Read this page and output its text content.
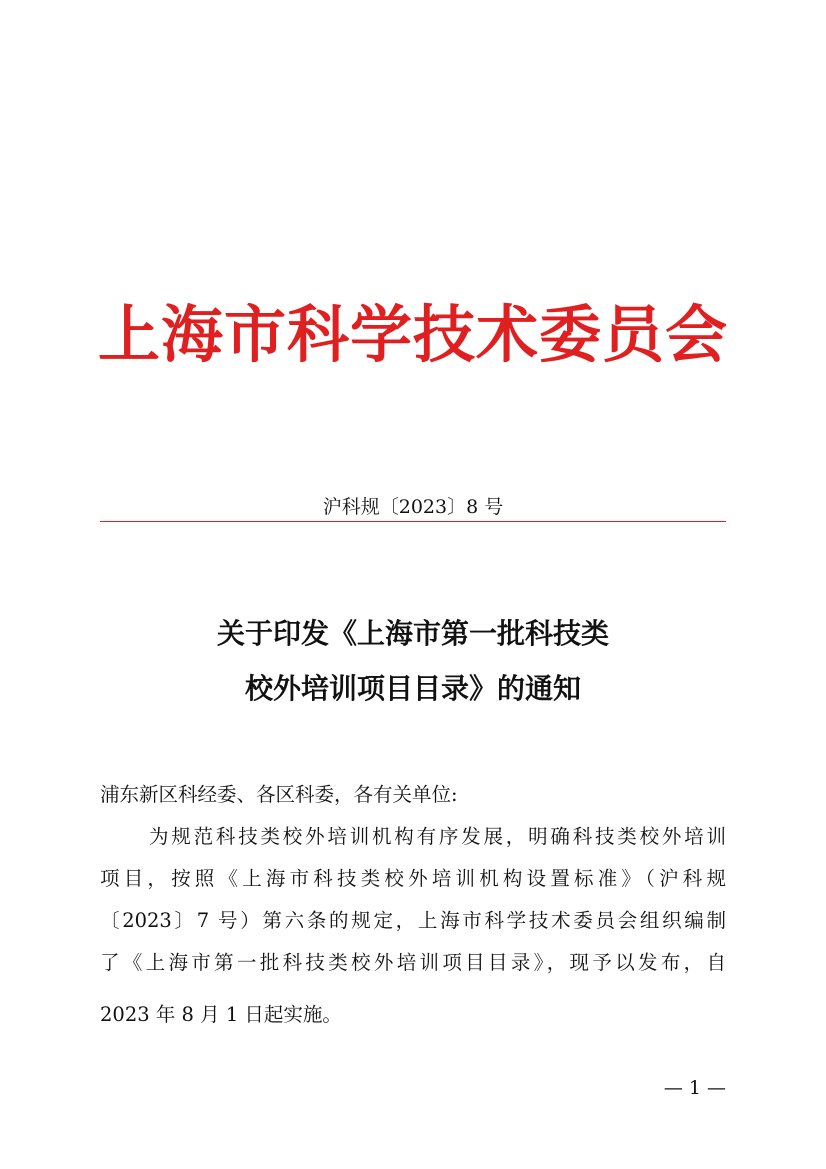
上海市科学技术委员会
沪科规〔2023〕8 号
关于印发《上海市第一批科技类
校外培训项目目录》的通知
浦东新区科经委、各区科委，各有关单位:
为规范科技类校外培训机构有序发展，明确科技类校外培训
项目，按照《上海市科技类校外培训机构设置标准》（沪科规
〔2023〕7 号）第六条的规定，上海市科学技术委员会组织编制
了《上海市第一批科技类校外培训项目目录》，现予以发布，自
2023 年 8 月 1 日起实施。
— 1 —
